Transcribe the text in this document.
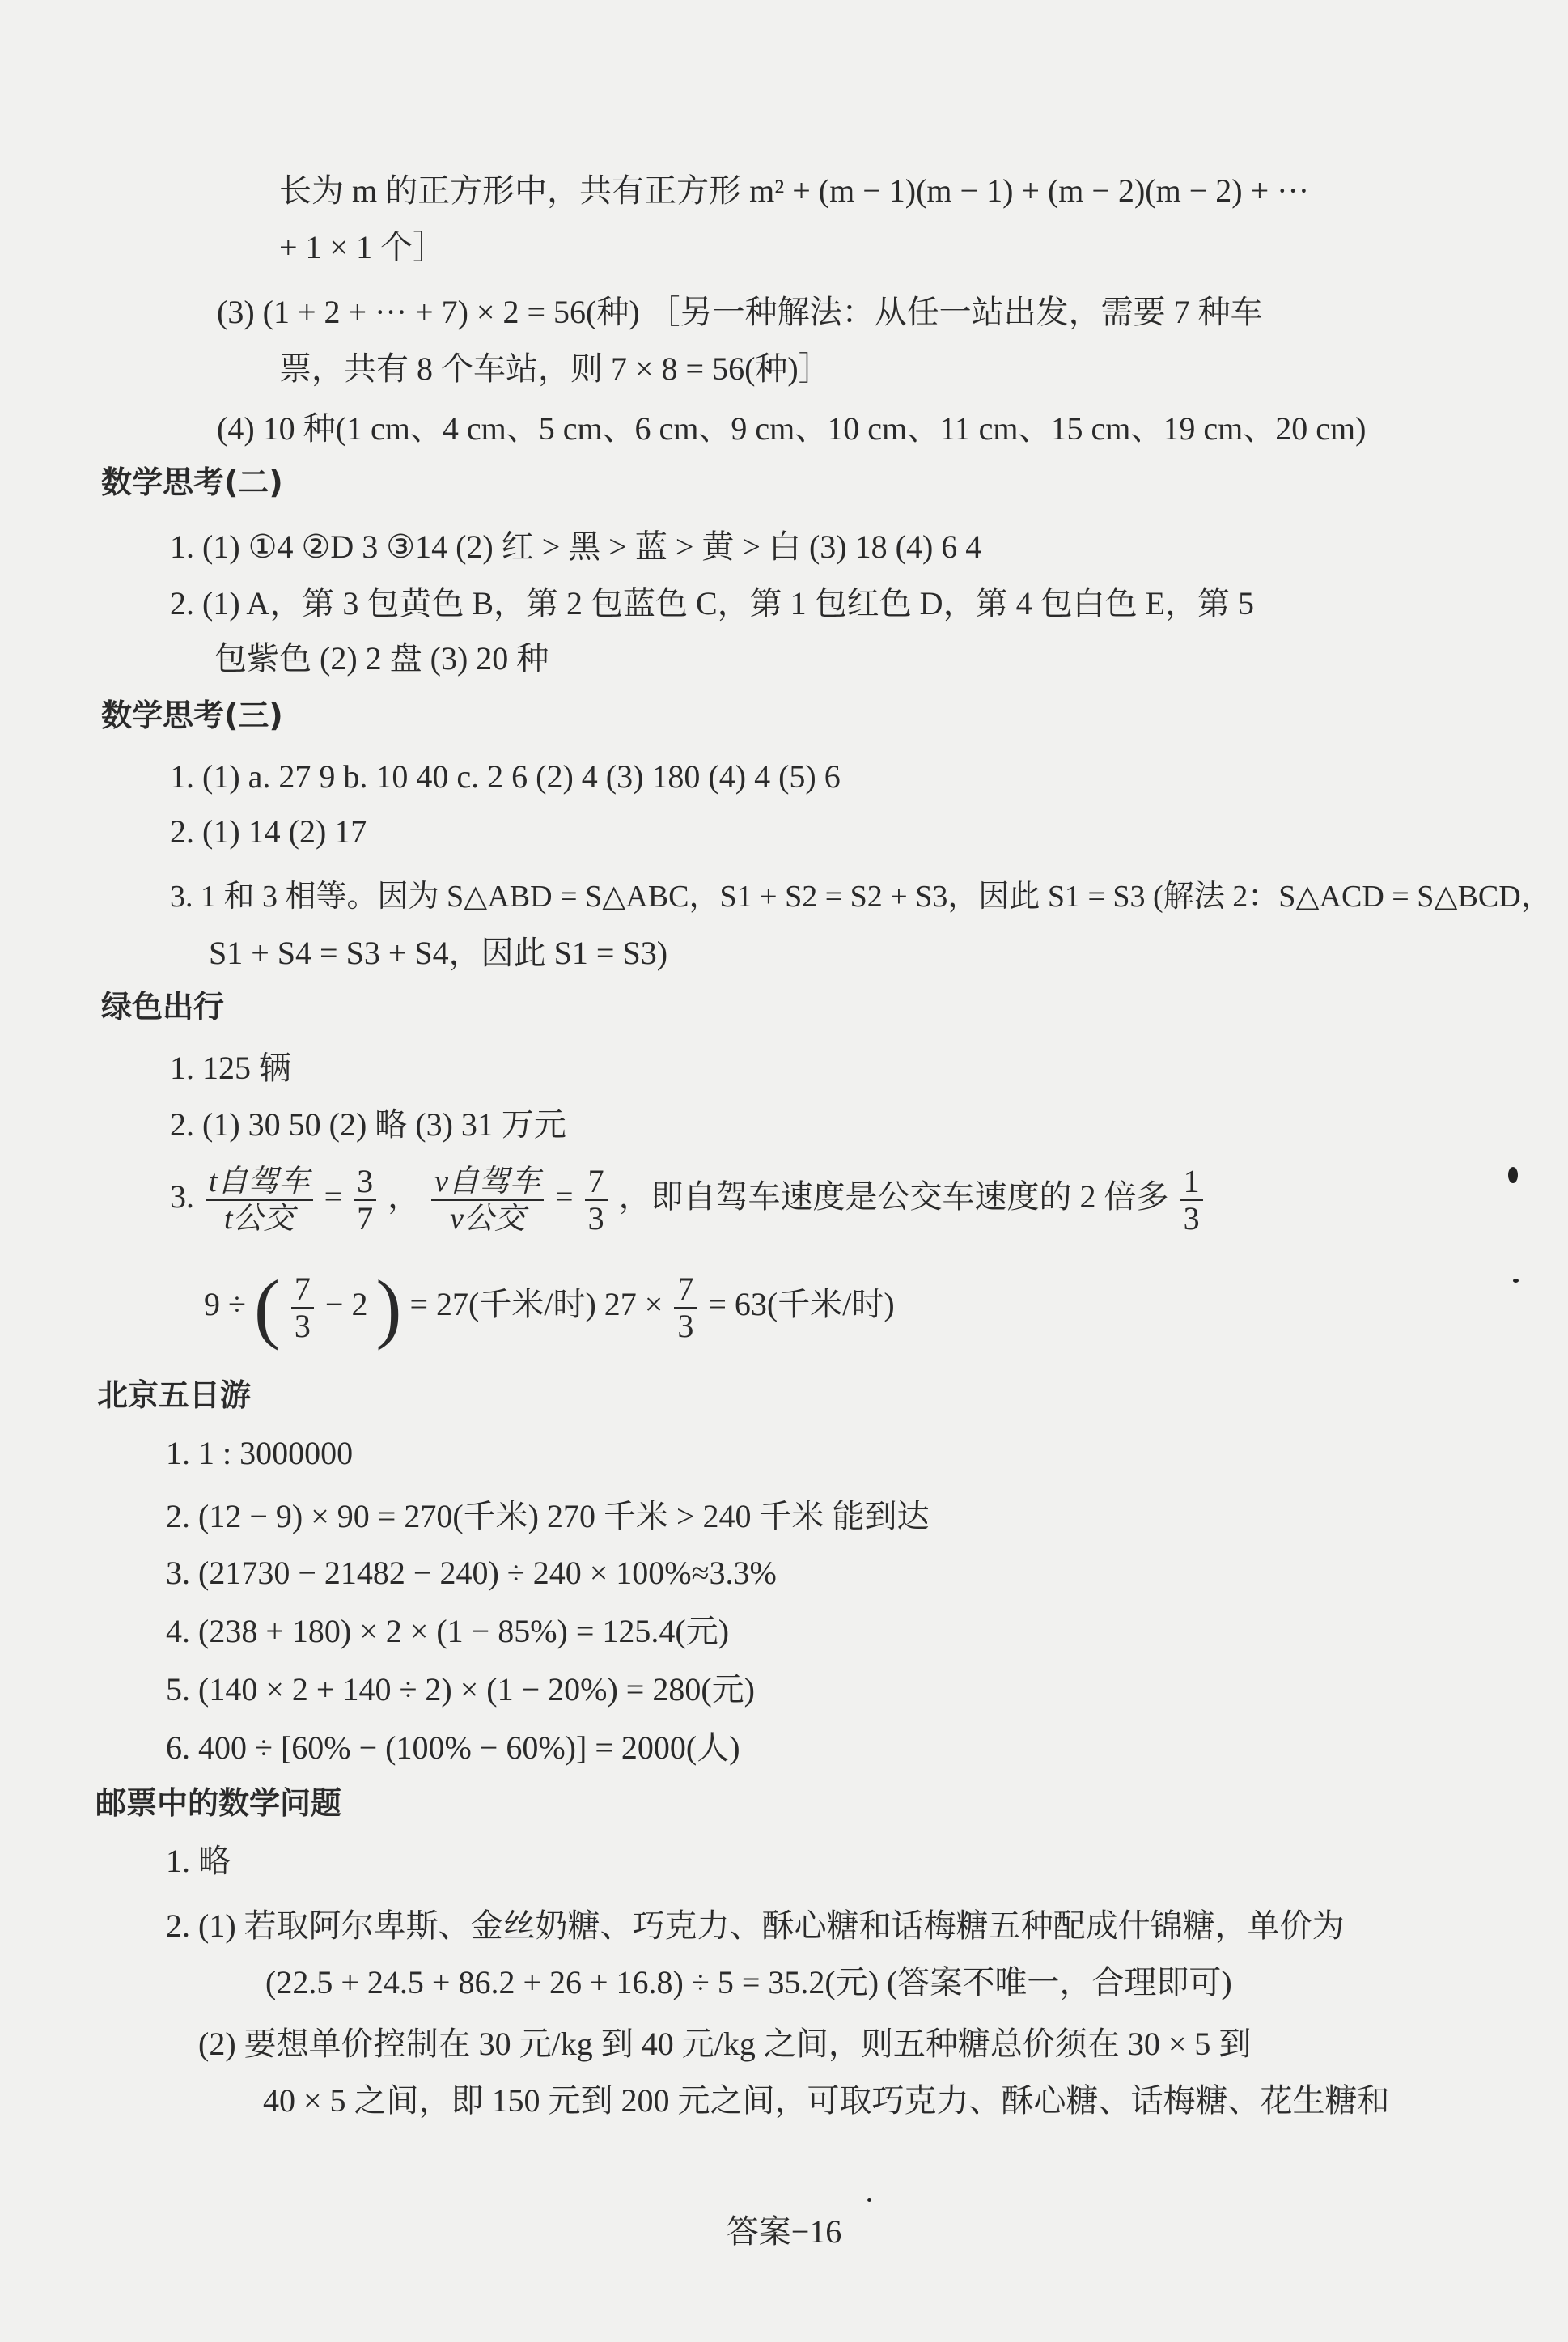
长为 m 的正方形中，共有正方形 m² + (m − 1)(m − 1) + (m − 2)(m − 2) + ···
+ 1 × 1 个］
(3) (1 + 2 + ··· + 7) × 2 = 56(种) ［另一种解法：从任一站出发，需要 7 种车
票，共有 8 个车站，则 7 × 8 = 56(种)］
(4) 10 种(1 cm、4 cm、5 cm、6 cm、9 cm、10 cm、11 cm、15 cm、19 cm、20 cm)
数学思考(二)
1. (1) ①4 ②D 3 ③14 (2) 红 > 黑 > 蓝 > 黄 > 白 (3) 18 (4) 6 4
2. (1) A，第 3 包黄色 B，第 2 包蓝色 C，第 1 包红色 D，第 4 包白色 E，第 5
包紫色 (2) 2 盘 (3) 20 种
数学思考(三)
1. (1) a. 27 9 b. 10 40 c. 2 6 (2) 4 (3) 180 (4) 4 (5) 6
2. (1) 14 (2) 17
3. 1 和 3 相等。因为 S△ABD = S△ABC，S1 + S2 = S2 + S3，因此 S1 = S3 (解法 2：S△ACD = S△BCD，
S1 + S4 = S3 + S4，因此 S1 = S3)
绿色出行
1. 125 辆
2. (1) 30 50 (2) 略 (3) 31 万元
3. $\frac{\text{t自驾车}}{\text{t公交}} = \frac{3}{7}$ ， $\frac{\text{v自驾车}}{\text{v公交}} = \frac{7}{3}$ ，即自驾车速度是公交车速度的 2 倍多 $\frac{1}{3}$
9 ÷ ( $\frac{7}{3} - 2$ ) = 27(千米/时) $27 \times \frac{7}{3} = 63$(千米/时)
北京五日游
1. 1 : 3000000
2. (12 − 9) × 90 = 270(千米) 270 千米 > 240 千米 能到达
3. (21730 − 21482 − 240) ÷ 240 × 100%≈3.3%
4. (238 + 180) × 2 × (1 − 85%) = 125.4(元)
5. (140 × 2 + 140 ÷ 2) × (1 − 20%) = 280(元)
6. 400 ÷ [60% − (100% − 60%)] = 2000(人)
邮票中的数学问题
1. 略
2. (1) 若取阿尔卑斯、金丝奶糖、巧克力、酥心糖和话梅糖五种配成什锦糖，单价为
(22.5 + 24.5 + 86.2 + 26 + 16.8) ÷ 5 = 35.2(元) (答案不唯一，合理即可)
(2) 要想单价控制在 30 元/kg 到 40 元/kg 之间，则五种糖总价须在 30 × 5 到
40 × 5 之间，即 150 元到 200 元之间，可取巧克力、酥心糖、话梅糖、花生糖和
答案−16
